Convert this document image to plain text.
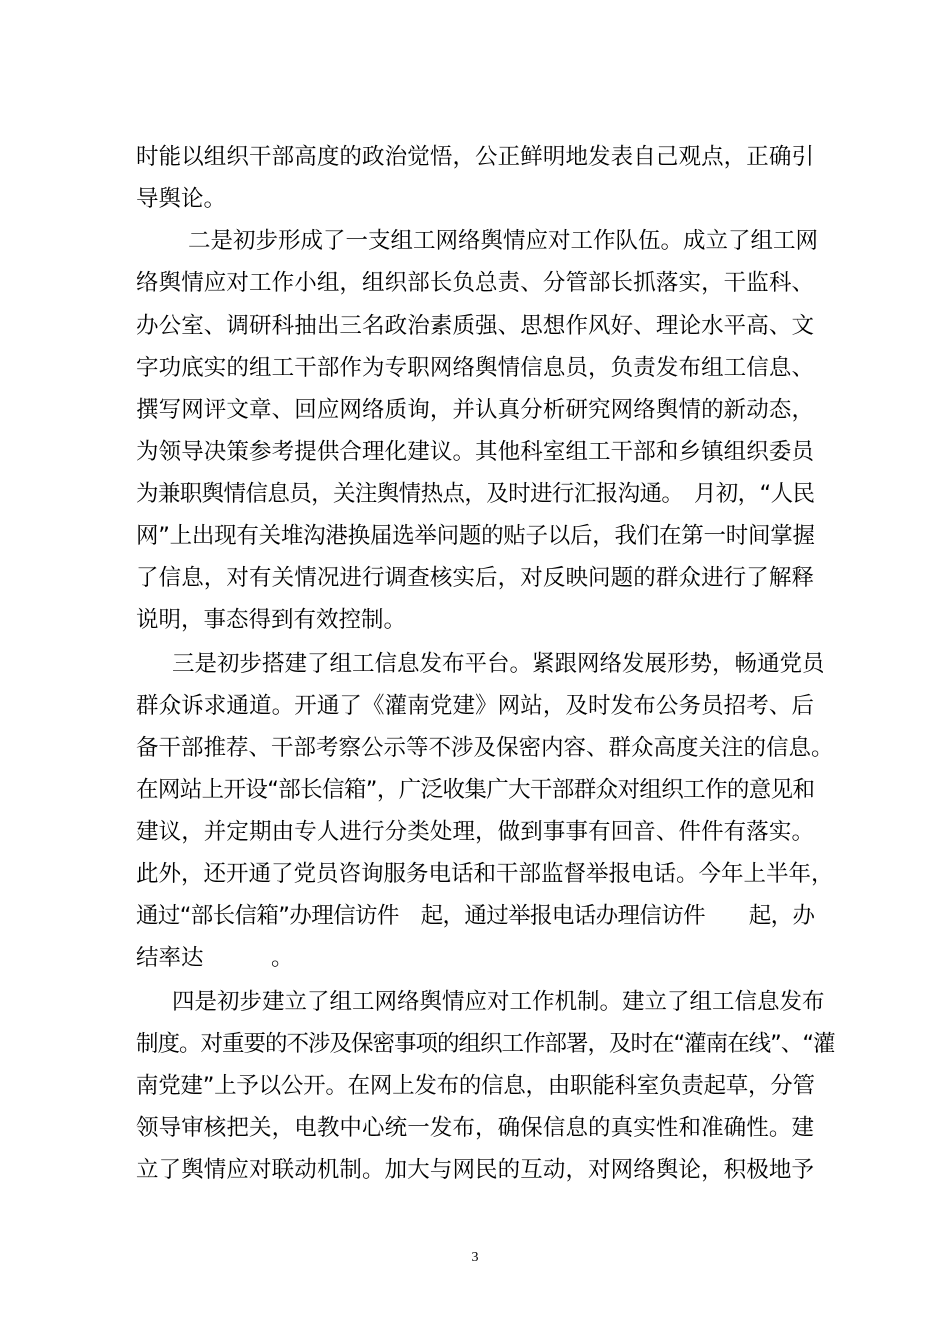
时能以组织干部高度的政治觉悟，公正鲜明地发表自己观点，正确引
导舆论。
二是初步形成了一支组工网络舆情应对工作队伍。成立了组工网
络舆情应对工作小组，组织部长负总责、分管部长抓落实，干监科、
办公室、调研科抽出三名政治素质强、思想作风好、理论水平高、文
字功底实的组工干部作为专职网络舆情信息员，负责发布组工信息、
撰写网评文章、回应网络质询，并认真分析研究网络舆情的新动态，
为领导决策参考提供合理化建议。其他科室组工干部和乡镇组织委员
为兼职舆情信息员，关注舆情热点，及时进行汇报沟通。　月初，“人民
网”上出现有关堆沟港换届选举问题的贴子以后，我们在第一时间掌握
了信息，对有关情况进行调查核实后，对反映问题的群众进行了解释
说明，事态得到有效控制。
三是初步搭建了组工信息发布平台。紧跟网络发展形势，畅通党员
群众诉求通道。开通了《灌南党建》网站，及时发布公务员招考、后
备干部推荐、干部考察公示等不涉及保密内容、群众高度关注的信息。
在网站上开设“部长信箱”，广泛收集广大干部群众对组织工作的意见和
建议，并定期由专人进行分类处理，做到事事有回音、件件有落实。
此外，还开通了党员咨询服务电话和干部监督举报电话。今年上半年，
通过“部长信箱”办理信访件　起，通过举报电话办理信访件　　起，办
结率达　　　。
四是初步建立了组工网络舆情应对工作机制。建立了组工信息发布
制度。对重要的不涉及保密事项的组织工作部署，及时在“灌南在线”、“灌
南党建”上予以公开。在网上发布的信息，由职能科室负责起草，分管
领导审核把关，电教中心统一发布，确保信息的真实性和准确性。建
立了舆情应对联动机制。加大与网民的互动，对网络舆论，积极地予
3
